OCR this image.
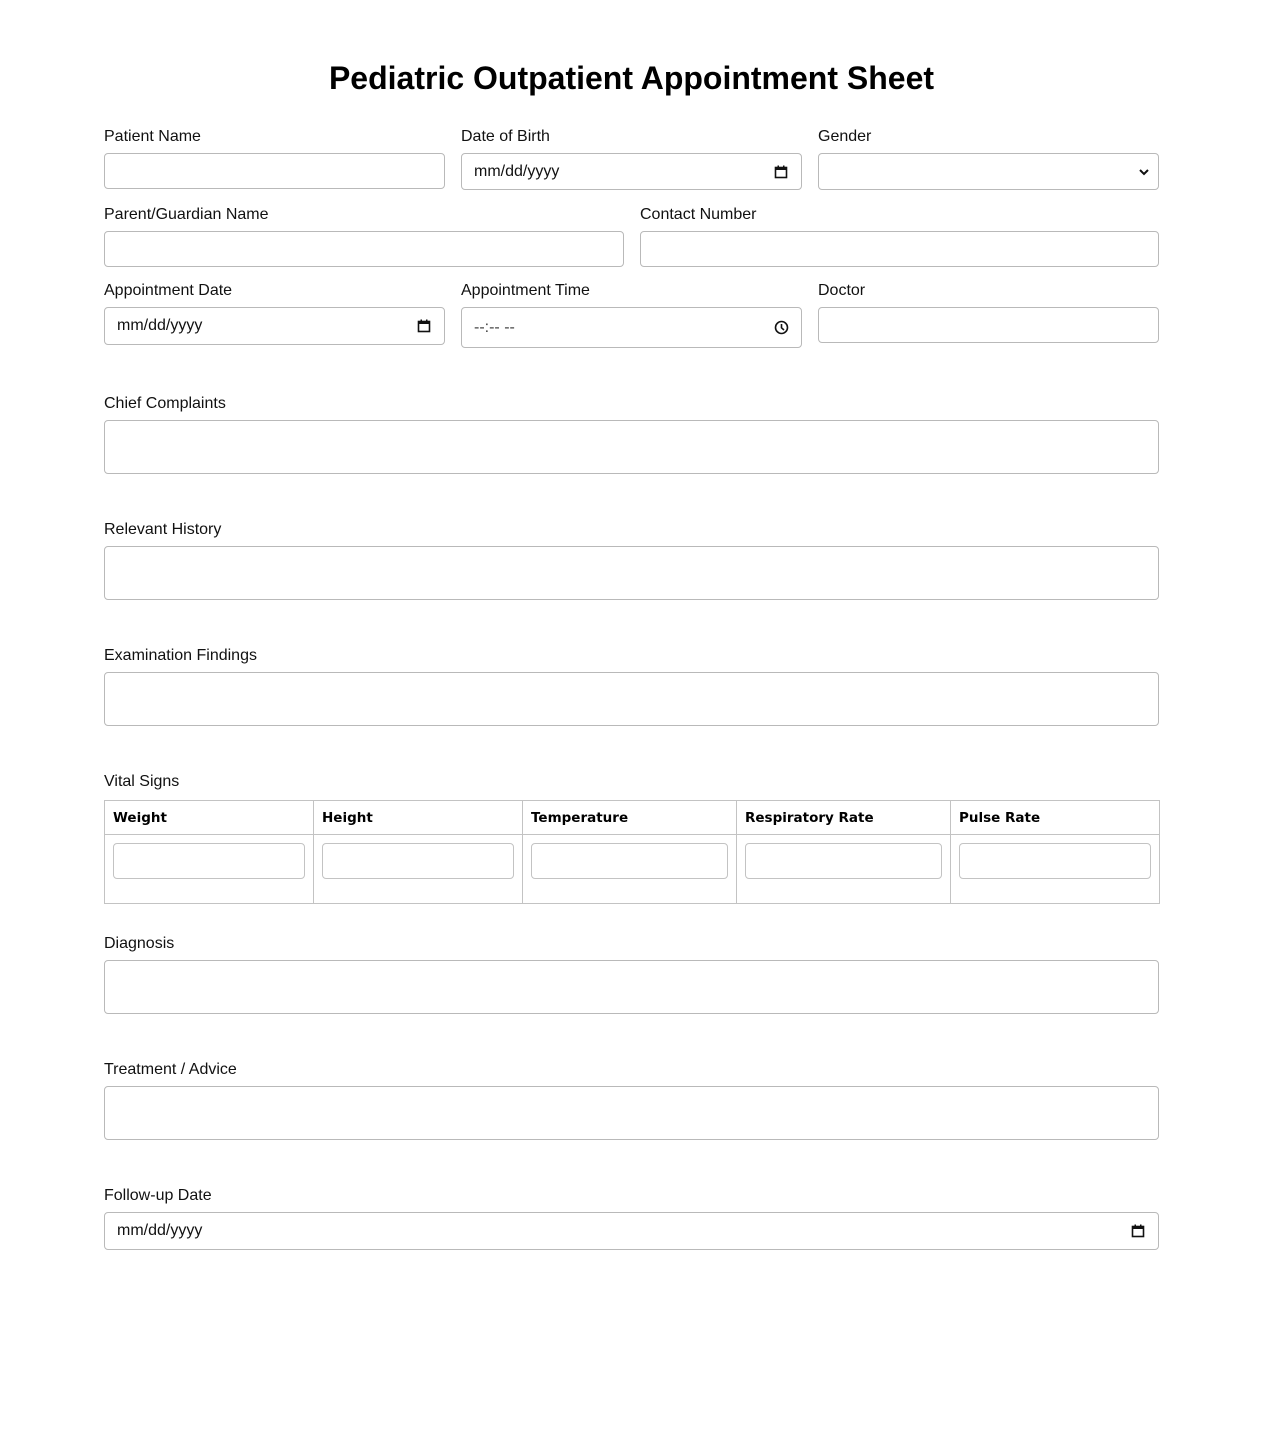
Pediatric Outpatient Appointment Sheet
Patient Name	Date of Birth
mm/dd/yyyy
Gender
Parent/Guardian Name	Contact Number
Appointment Date
mm/dd/yyyy
Appointment Time
--:-- --
Doctor
Chief Complaints
Relevant History
Examination Findings
Vital Signs
Weight	Height	Temperature	Respiratory Rate	Pulse Rate

Diagnosis
Treatment / Advice
Follow-up Date
mm/dd/yyyy
